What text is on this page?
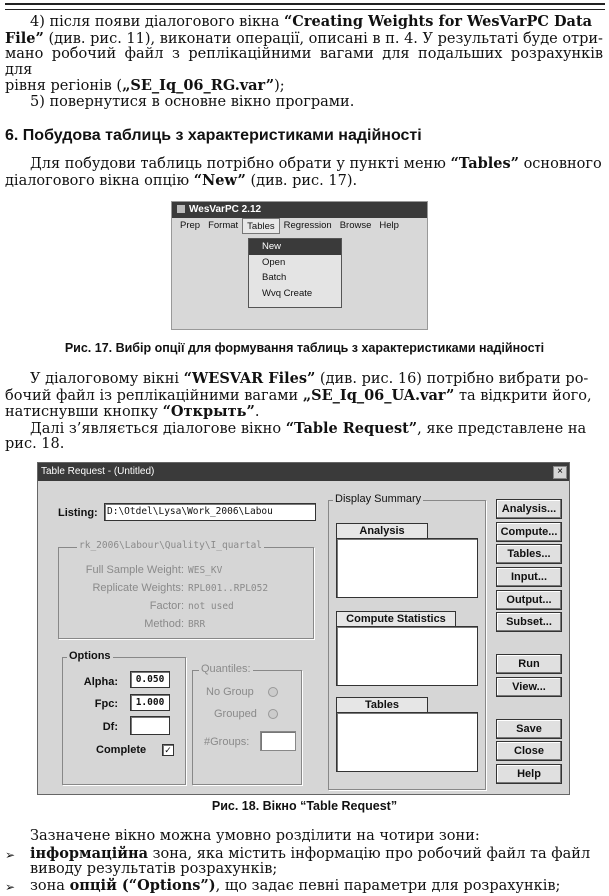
4) після появи діалогового вікна “Creating Weights for WesVarPC Data
File” (див. рис. 11), виконати операції, описані в п. 4. У результаті буде отри-
мано робочий файл з реплікаційними вагами для подальших розрахунків для
рівня регіонів („SE_Iq_06_RG.var”);
5) повернутися в основне вікно програми.
6. Побудова таблиць з характеристиками надійності
Для побудови таблиць потрібно обрати у пункті меню “Tables” основного
діалогового вікна опцію “New” (див. рис. 17).
WesVarPC 2.12
Prep Format Tables Regression Browse Help
New
Open
Batch
Wvq Create
Рис. 17. Вибір опції для формування таблиць з характеристиками надійності
У діалоговому вікні “WESVAR Files” (див. рис. 16) потрібно вибрати ро-
бочий файл із реплікаційними вагами „SE_Iq_06_UA.var” та відкрити його,
натиснувши кнопку “Открыть”.
Далі з’являється діалогове вікно “Table Request”, яке представлене на
рис. 18.
Table Request - (Untitled)	×
Listing: D:\Otdel\Lysa\Work_2006\Labou
rk_2006\Labour\Quality\I_quartal
Full Sample Weight: WES_KV
Replicate Weights: RPL001..RPL052
Factor: not used
Method: BRR
Options
Alpha:	0.050
Fpc:	1.000
Df:
Complete ✓
Quantiles:
No Group
Grouped
#Groups:
Display Summary
Analysis
Compute Statistics
Tables
Analysis...
Compute...
Tables...
Input...
Output...
Subset...
Run
View...
Save
Close
Help
Рис. 18. Вікно “Table Request”
Зазначене вікно можна умовно розділити на чотири зони:
➢	інформаційна зона, яка містить інформацію про робочий файл та файл
виводу результатів розрахунків;
➢	зона опцій (“Options”), що задає певні параметри для розрахунків;
